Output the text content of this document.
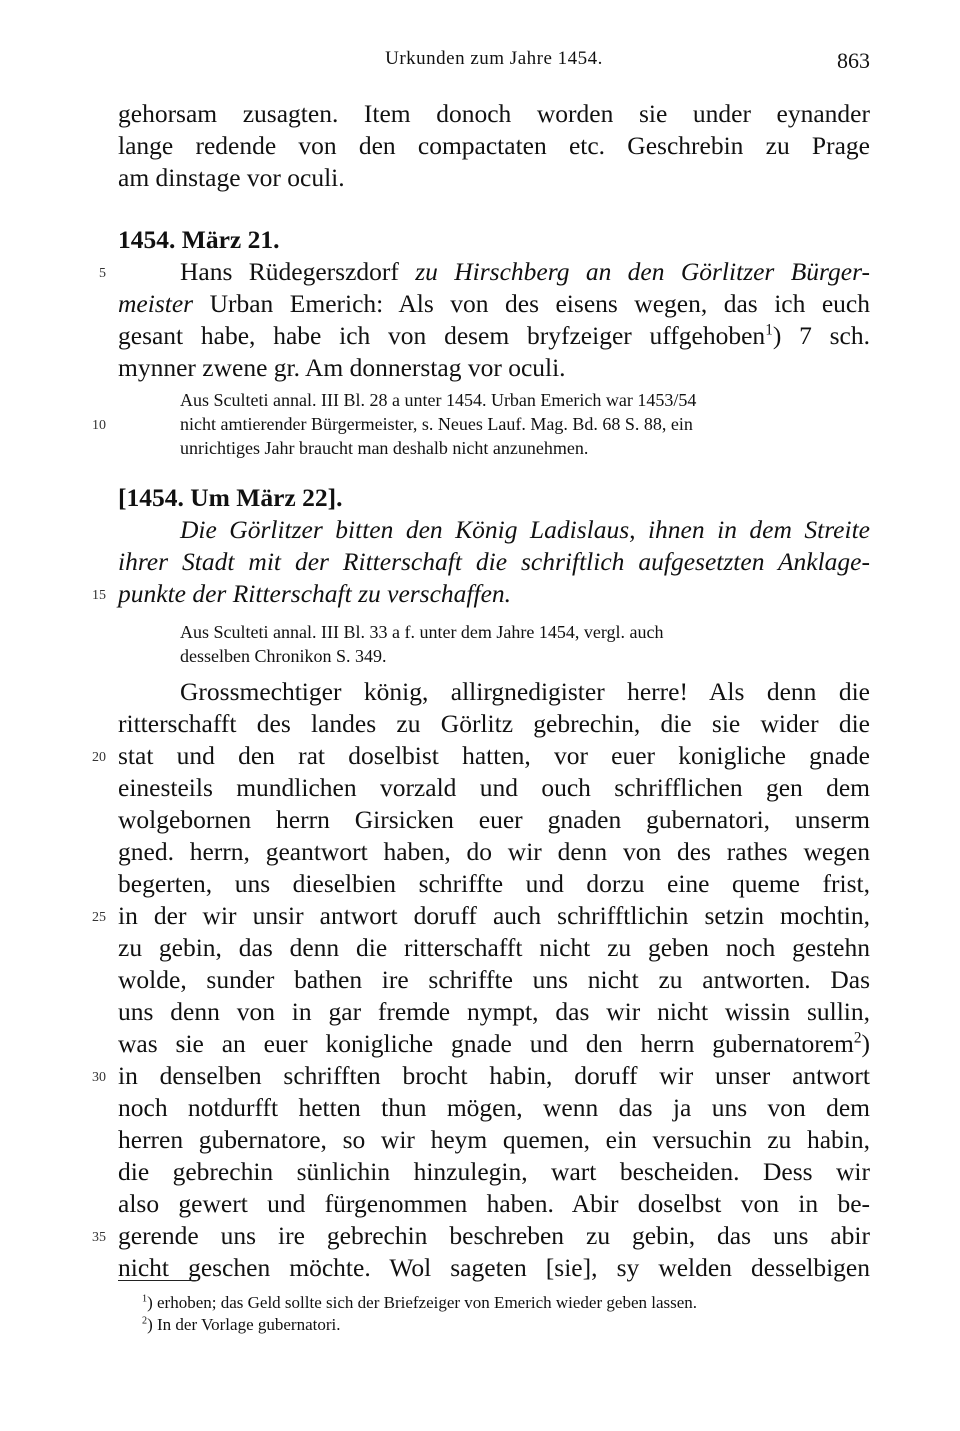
Urkunden zum Jahre 1454.	863
gehorsam zusagten. Item donoch worden sie under eynander
lange redende von den compactaten etc. Geschrebin zu Prage
am dinstage vor oculi.
1454. März 21.
5	Hans Rüdegerszdorf zu Hirschberg an den Görlitzer Bürger-
meister Urban Emerich: Als von des eisens wegen, das ich euch
gesant habe, habe ich von desem bryfzeiger uffgehoben$^1$) 7 sch.
mynner zwene gr. Am donnerstag vor oculi.
Aus Sculteti annal. III Bl. 28 a unter 1454. Urban Emerich war 1453/54
10	nicht amtierender Bürgermeister, s. Neues Lauf. Mag. Bd. 68 S. 88, ein
unrichtiges Jahr braucht man deshalb nicht anzunehmen.
[1454. Um März 22].
Die Görlitzer bitten den König Ladislaus, ihnen in dem Streite
ihrer Stadt mit der Ritterschaft die schriftlich aufgesetzten Anklage-
15 punkte der Ritterschaft zu verschaffen.
Aus Sculteti annal. III Bl. 33 a f. unter dem Jahre 1454, vergl. auch
desselben Chronikon S. 349.
Grossmechtiger könig, allirgnedigister herre! Als denn die
ritterschafft des landes zu Görlitz gebrechin, die sie wider die
20 stat und den rat doselbist hatten, vor euer konigliche gnade
einesteils mundlichen vorzald und ouch schrifflichen gen dem
wolgebornen herrn Girsicken euer gnaden gubernatori, unserm
gned. herrn, geantwort haben, do wir denn von des rathes wegen
begerten, uns dieselbien schriffte und dorzu eine queme frist,
25 in der wir unsir antwort doruff auch schrifftlichin setzin mochtin,
zu gebin, das denn die ritterschafft nicht zu geben noch gestehn
wolde, sunder bathen ire schriffte uns nicht zu antworten. Das
uns denn von in gar fremde nympt, das wir nicht wissin sullin,
was sie an euer konigliche gnade und den herrn gubernatorem$^2$)
30 in denselben schrifften brocht habin, doruff wir unser antwort
noch notdurfft hetten thun mögen, wenn das ja uns von dem
herren gubernatore, so wir heym quemen, ein versuchin zu habin,
die gebrechin sünlichin hinzulegin, wart bescheiden. Dess wir
also gewert und fürgenommen haben. Abir doselbst von in be-
35 gerende uns ire gebrechin beschreben zu gebin, das uns abir
nicht geschen möchte. Wol sageten [sie], sy welden desselbigen
$^1$) erhoben; das Geld sollte sich der Briefzeiger von Emerich wieder geben lassen.
$^2$) In der Vorlage gubernatori.
